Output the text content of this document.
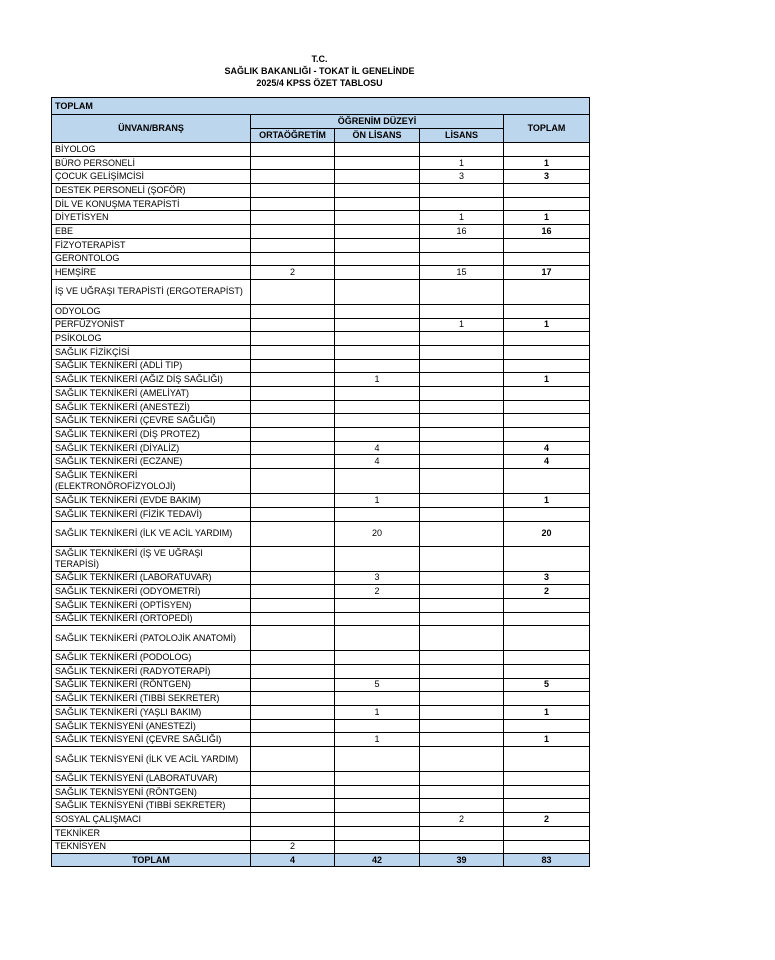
T.C.
SAĞLIK BAKANLIĞI - TOKAT İL GENELİNDE
2025/4 KPSS ÖZET TABLOSU
TOPLAM				
ÜNVAN/BRANŞ	ÖĞRENİM DÜZEYİ			TOPLAM
	ORTAÖĞRETİM	ÖN LİSANS	LİSANS	
BİYOLOG				
BÜRO PERSONELİ			1	1
ÇOCUK GELİŞİMCİSİ			3	3
DESTEK PERSONELİ (ŞOFÖR)				
DİL VE KONUŞMA TERAPİSTİ				
DİYETİSYEN			1	1
EBE			16	16
FİZYOTERAPİST				
GERONTOLOG				
HEMŞİRE	2		15	17
İŞ VE UĞRAŞI TERAPİSTİ (ERGOTERAPİST)				
ODYOLOG				
PERFÜZYONİST			1	1
PSİKOLOG				
SAĞLIK FİZİKÇİSİ				
SAĞLIK TEKNİKERİ (ADLİ TIP)				
SAĞLIK TEKNİKERİ (AĞIZ DİŞ SAĞLIĞI)		1		1
SAĞLIK TEKNİKERİ (AMELİYAT)				
SAĞLIK TEKNİKERİ (ANESTEZİ)				
SAĞLIK TEKNİKERİ (ÇEVRE SAĞLIĞI)				
SAĞLIK TEKNİKERİ (DİŞ PROTEZ)				
SAĞLIK TEKNİKERİ (DİYALİZ)		4		4
SAĞLIK TEKNİKERİ (ECZANE)		4		4
SAĞLIK TEKNİKERİ (ELEKTRONÖROFİZYOLOJİ)				
SAĞLIK TEKNİKERİ (EVDE BAKIM)		1		1
SAĞLIK TEKNİKERİ (FİZİK TEDAVİ)				
SAĞLIK TEKNİKERİ (İLK VE ACİL YARDIM)		20		20
SAĞLIK TEKNİKERİ (İŞ VE UĞRAŞI TERAPİSİ)				
SAĞLIK TEKNİKERİ (LABORATUVAR)		3		3
SAĞLIK TEKNİKERİ (ODYOMETRİ)		2		2
SAĞLIK TEKNİKERİ (OPTİSYEN)				
SAĞLIK TEKNİKERİ (ORTOPEDİ)				
SAĞLIK TEKNİKERİ (PATOLOJİK ANATOMİ)				
SAĞLIK TEKNİKERİ (PODOLOG)				
SAĞLIK TEKNİKERİ (RADYOTERAPİ)				
SAĞLIK TEKNİKERİ (RÖNTGEN)		5		5
SAĞLIK TEKNİKERİ (TIBBİ SEKRETER)				
SAĞLIK TEKNİKERİ (YAŞLI BAKIM)		1		1
SAĞLIK TEKNİSYENİ (ANESTEZİ)				
SAĞLIK TEKNİSYENİ (ÇEVRE SAĞLIĞI)		1		1
SAĞLIK TEKNİSYENİ (İLK VE ACİL YARDIM)				
SAĞLIK TEKNİSYENİ (LABORATUVAR)				
SAĞLIK TEKNİSYENİ (RÖNTGEN)				
SAĞLIK TEKNİSYENİ (TIBBİ SEKRETER)				
SOSYAL ÇALIŞMACI			2	2
TEKNİKER				
TEKNİSYEN	2			
TOPLAM	4	42	39	83
